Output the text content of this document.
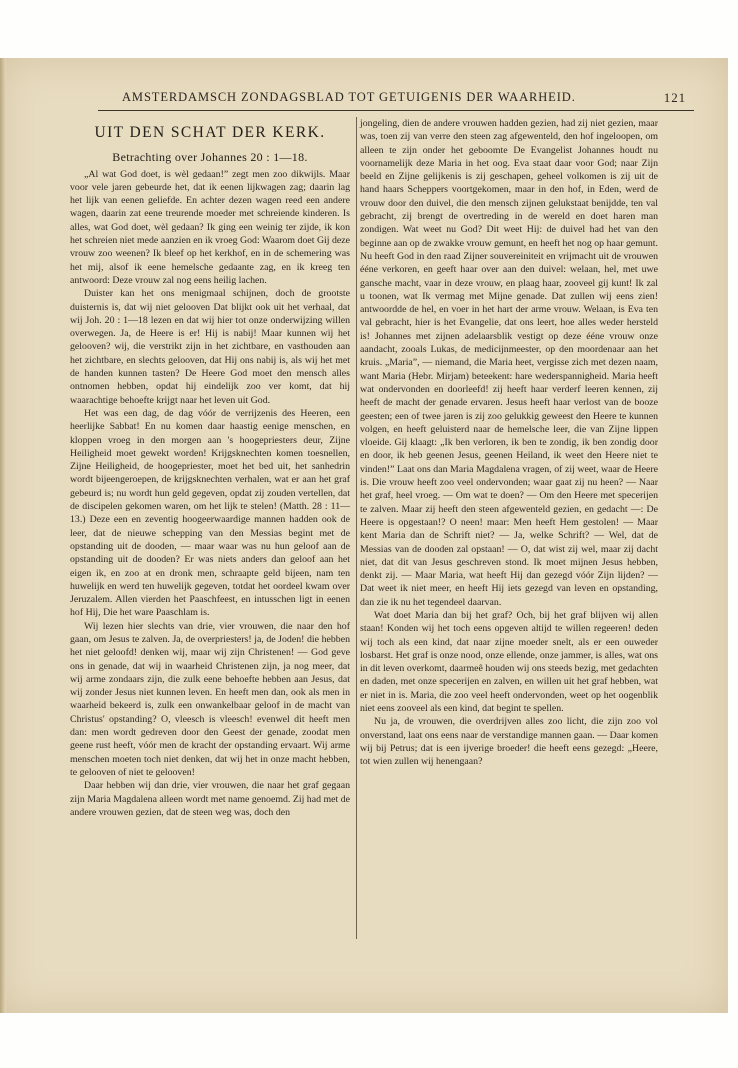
AMSTERDAMSCH ZONDAGSBLAD TOT GETUIGENIS DER WAARHEID.	121
UIT DEN SCHAT DER KERK.
Betrachting over Johannes 20 : 1—18.

„Al wat God doet, is wèl gedaan!” zegt men zoo dikwijls. Maar voor vele jaren gebeurde het, dat ik eenen lijkwagen zag; daarin lag het lijk van eenen geliefde. En achter dezen wagen reed een andere wagen, daarin zat eene treurende moeder met schreiende kinderen. Is alles, wat God doet, wèl gedaan? Ik ging een weinig ter zijde, ik kon het schreien niet mede aanzien en ik vroeg God: Waarom doet Gij deze vrouw zoo weenen? Ik bleef op het kerkhof, en in de schemering was het mij, alsof ik eene hemelsche gedaante zag, en ik kreeg ten antwoord: Deze vrouw zal nog eens heilig lachen.

Duister kan het ons menigmaal schijnen, doch de grootste duisternis is, dat wij niet gelooven Dat blijkt ook uit het verhaal, dat wij Joh. 20 : 1—18 lezen en dat wij hier tot onze onderwijzing willen overwegen. Ja, de Heere is er! Hij is nabij! Maar kunnen wij het gelooven? wij, die verstrikt zijn in het zichtbare, en vasthouden aan het zichtbare, en slechts gelooven, dat Hij ons nabij is, als wij het met de handen kunnen tasten? De Heere God moet den mensch alles ontnomen hebben, opdat hij eindelijk zoo ver komt, dat hij waarachtige behoefte krijgt naar het leven uit God.

Het was een dag, de dag vóór de verrijzenis des Heeren, een heerlijke Sabbat! En nu komen daar haastig eenige menschen, en kloppen vroeg in den morgen aan 's hoogepriesters deur, Zijne Heiligheid moet gewekt worden! Krijgsknechten komen toesnellen, Zijne Heiligheid, de hoogepriester, moet het bed uit, het sanhedrin wordt bijeengeroepen, de krijgsknechten verhalen, wat er aan het graf gebeurd is; nu wordt hun geld gegeven, opdat zij zouden vertellen, dat de discipelen gekomen waren, om het lijk te stelen! (Matth. 28 : 11—13.) Deze een en zeventig hoogeerwaardige mannen hadden ook de leer, dat de nieuwe schepping van den Messias begint met de opstanding uit de dooden, — maar waar was nu hun geloof aan de opstanding uit de dooden? Er was niets anders dan geloof aan het eigen ik, en zoo at en dronk men, schraapte geld bijeen, nam ten huwelijk en werd ten huwelijk gegeven, totdat het oordeel kwam over Jeruzalem. Allen vierden het Paaschfeest, en intusschen ligt in eenen hof Hij, Die het ware Paaschlam is.

Wij lezen hier slechts van drie, vier vrouwen, die naar den hof gaan, om Jesus te zalven. Ja, de overpriesters! ja, de Joden! die hebben het niet geloofd! denken wij, maar wij zijn Christenen! — God geve ons in genade, dat wij in waarheid Christenen zijn, ja nog meer, dat wij arme zondaars zijn, die zulk eene behoefte hebben aan Jesus, dat wij zonder Jesus niet kunnen leven. En heeft men dan, ook als men in waarheid bekeerd is, zulk een onwankelbaar geloof in de macht van Christus' opstanding? O, vleesch is vleesch! evenwel dit heeft men dan: men wordt gedreven door den Geest der genade, zoodat men geene rust heeft, vóór men de kracht der opstanding ervaart. Wij arme menschen moeten toch niet denken, dat wij het in onze macht hebben, te gelooven of niet te gelooven!

Daar hebben wij dan drie, vier vrouwen, die naar het graf gegaan zijn Maria Magdalena alleen wordt met name genoemd. Zij had met de andere vrouwen gezien, dat de steen weg was, doch den

jongeling, dien de andere vrouwen hadden gezien, had zij niet gezien, maar was, toen zij van verre den steen zag afgewenteld, den hof ingeloopen, om alleen te zijn onder het geboomte De Evangelist Johannes houdt nu voornamelijk deze Maria in het oog. Eva staat daar voor God; naar Zijn beeld en Zijne gelijkenis is zij geschapen, geheel volkomen is zij uit de hand haars Scheppers voortgekomen, maar in den hof, in Eden, werd de vrouw door den duivel, die den mensch zijnen gelukstaat benijdde, ten val gebracht, zij brengt de overtreding in de wereld en doet haren man zondigen. Wat weet nu God? Dit weet Hij: de duivel had het van den beginne aan op de zwakke vrouw gemunt, en heeft het nog op haar gemunt. Nu heeft God in den raad Zijner souvereiniteit en vrijmacht uit de vrouwen ééne verkoren, en geeft haar over aan den duivel: welaan, hel, met uwe gansche macht, vaar in deze vrouw, en plaag haar, zooveel gij kunt! Ik zal u toonen, wat Ik vermag met Mijne genade. Dat zullen wij eens zien! antwoordde de hel, en voer in het hart der arme vrouw. Welaan, is Eva ten val gebracht, hier is het Evangelie, dat ons leert, hoe alles weder hersteld is! Johannes met zijnen adelaarsblik vestigt op deze ééne vrouw onze aandacht, zooals Lukas, de medicijnmeester, op den moordenaar aan het kruis. „Maria”, — niemand, die Maria heet, vergisse zich met dezen naam, want Maria (Hebr. Mirjam) beteekent: hare wederspannigheid. Maria heeft wat ondervonden en doorleefd! zij heeft haar verderf leeren kennen, zij heeft de macht der genade ervaren. Jesus heeft haar verlost van de booze geesten; een of twee jaren is zij zoo gelukkig geweest den Heere te kunnen volgen, en heeft geluisterd naar de hemelsche leer, die van Zijne lippen vloeide. Gij klaagt: „Ik ben verloren, ik ben te zondig, ik ben zondig door en door, ik heb geenen Jesus, geenen Heiland, ik weet den Heere niet te vinden!” Laat ons dan Maria Magdalena vragen, of zij weet, waar de Heere is. Die vrouw heeft zoo veel ondervonden; waar gaat zij nu heen? — Naar het graf, heel vroeg. — Om wat te doen? — Om den Heere met specerijen te zalven. Maar zij heeft den steen afgewenteld gezien, en gedacht —: De Heere is opgestaan!? O neen! maar: Men heeft Hem gestolen! — Maar kent Maria dan de Schrift niet? — Ja, welke Schrift? — Wel, dat de Messias van de dooden zal opstaan! — O, dat wist zij wel, maar zij dacht niet, dat dit van Jesus geschreven stond. Ik moet mijnen Jesus hebben, denkt zij. — Maar Maria, wat heeft Hij dan gezegd vóór Zijn lijden? — Dat weet ik niet meer, en heeft Hij iets gezegd van leven en opstanding, dan zie ik nu het tegendeel daarvan.

Wat doet Maria dan bij het graf? Och, bij het graf blijven wij allen staan! Konden wij het toch eens opgeven altijd te willen regeeren! deden wij toch als een kind, dat naar zijne moeder snelt, als er een ouweder losbarst. Het graf is onze nood, onze ellende, onze jammer, is alles, wat ons in dit leven overkomt, daarmeê houden wij ons steeds bezig, met gedachten en daden, met onze specerijen en zalven, en willen uit het graf hebben, wat er niet in is. Maria, die zoo veel heeft ondervonden, weet op het oogenblik niet eens zooveel als een kind, dat begint te spellen.

Nu ja, de vrouwen, die overdrijven alles zoo licht, die zijn zoo vol onverstand, laat ons eens naar de verstandige mannen gaan. — Daar komen wij bij Petrus; dat is een ijverige broeder! die heeft eens gezegd: „Heere, tot wien zullen wij henengaan?
